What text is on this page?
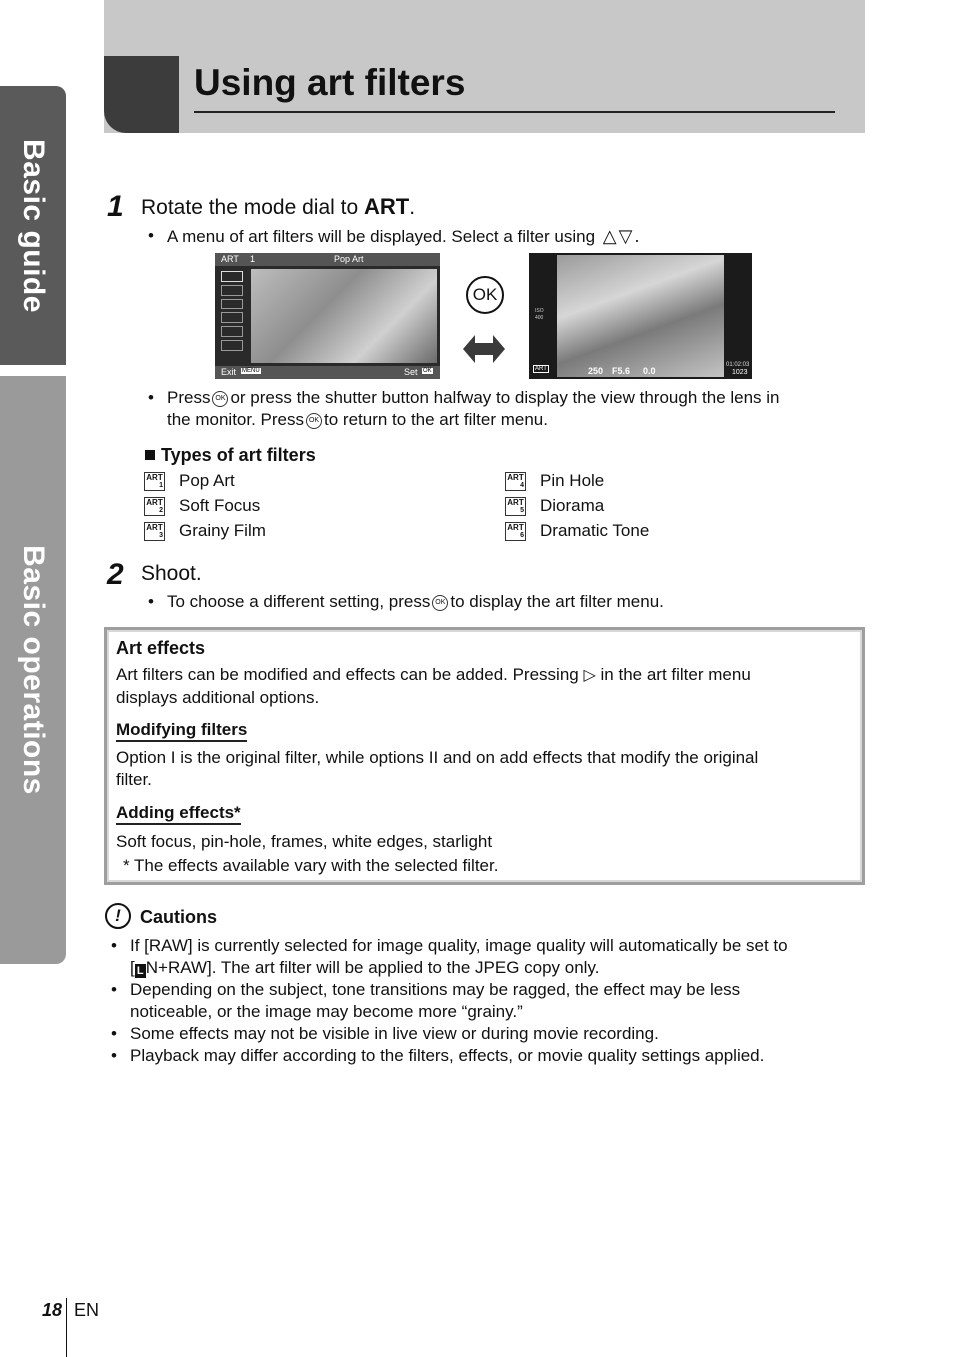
Basic guide
Basic operations
Using art filters
1 Rotate the mode dial to ART.
• A menu of art filters will be displayed. Select a filter using △▽.
ART 1	Pop Art
Exit MENU	Set OK
OK
ISO
400
ART	250 F5.6 0.0
01:02:03
1023
• Press OK or press the shutter button halfway to display the view through the lens in
the monitor. Press OK to return to the art filter menu.
Types of art filters
ART
1 Pop Art
ART
2 Soft Focus
ART
3 Grainy Film
ART
4 Pin Hole
ART
5 Diorama
ART
6 Dramatic Tone
2 Shoot.
• To choose a different setting, press OK to display the art filter menu.
Art effects
Art filters can be modified and effects can be added. Pressing ▷ in the art filter menu
displays additional options.
Modifying filters
Option I is the original filter, while options II and on add effects that modify the original
filter.
Adding effects*
Soft focus, pin-hole, frames, white edges, starlight
* The effects available vary with the selected filter.
!	Cautions
• If [RAW] is currently selected for image quality, image quality will automatically be set to
[ L N+RAW]. The art filter will be applied to the JPEG copy only.
• Depending on the subject, tone transitions may be ragged, the effect may be less
noticeable, or the image may become more “grainy.”
• Some effects may not be visible in live view or during movie recording.
• Playback may differ according to the filters, effects, or movie quality settings applied.
18 EN
